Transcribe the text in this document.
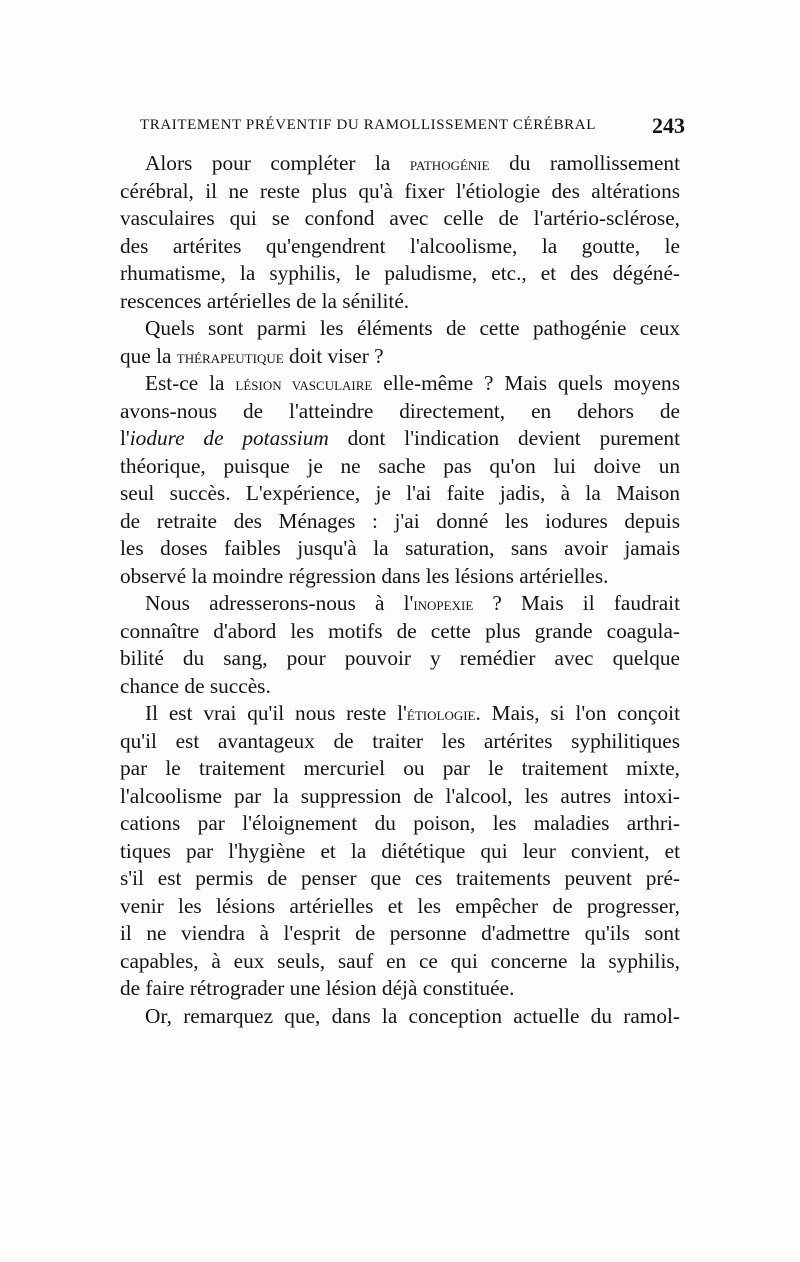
TRAITEMENT PRÉVENTIF DU RAMOLLISSEMENT CÉRÉBRAL	243
Alors pour compléter la pathogénie du ramollissement
cérébral, il ne reste plus qu'à fixer l'étiologie des altérations
vasculaires qui se confond avec celle de l'artério-sclérose,
des artérites qu'engendrent l'alcoolisme, la goutte, le
rhumatisme, la syphilis, le paludisme, etc., et des dégéné-
rescences artérielles de la sénilité.
Quels sont parmi les éléments de cette pathogénie ceux
que la thérapeutique doit viser ?
Est-ce la lésion vasculaire elle-même ? Mais quels moyens
avons-nous de l'atteindre directement, en dehors de
l'iodure de potassium dont l'indication devient purement
théorique, puisque je ne sache pas qu'on lui doive un
seul succès. L'expérience, je l'ai faite jadis, à la Maison
de retraite des Ménages : j'ai donné les iodures depuis
les doses faibles jusqu'à la saturation, sans avoir jamais
observé la moindre régression dans les lésions artérielles.
Nous adresserons-nous à l'inopexie ? Mais il faudrait
connaître d'abord les motifs de cette plus grande coagula-
bilité du sang, pour pouvoir y remédier avec quelque
chance de succès.
Il est vrai qu'il nous reste l'étiologie. Mais, si l'on conçoit
qu'il est avantageux de traiter les artérites syphilitiques
par le traitement mercuriel ou par le traitement mixte,
l'alcoolisme par la suppression de l'alcool, les autres intoxi-
cations par l'éloignement du poison, les maladies arthri-
tiques par l'hygiène et la diététique qui leur convient, et
s'il est permis de penser que ces traitements peuvent pré-
venir les lésions artérielles et les empêcher de progresser,
il ne viendra à l'esprit de personne d'admettre qu'ils sont
capables, à eux seuls, sauf en ce qui concerne la syphilis,
de faire rétrograder une lésion déjà constituée.
Or, remarquez que, dans la conception actuelle du ramol-
